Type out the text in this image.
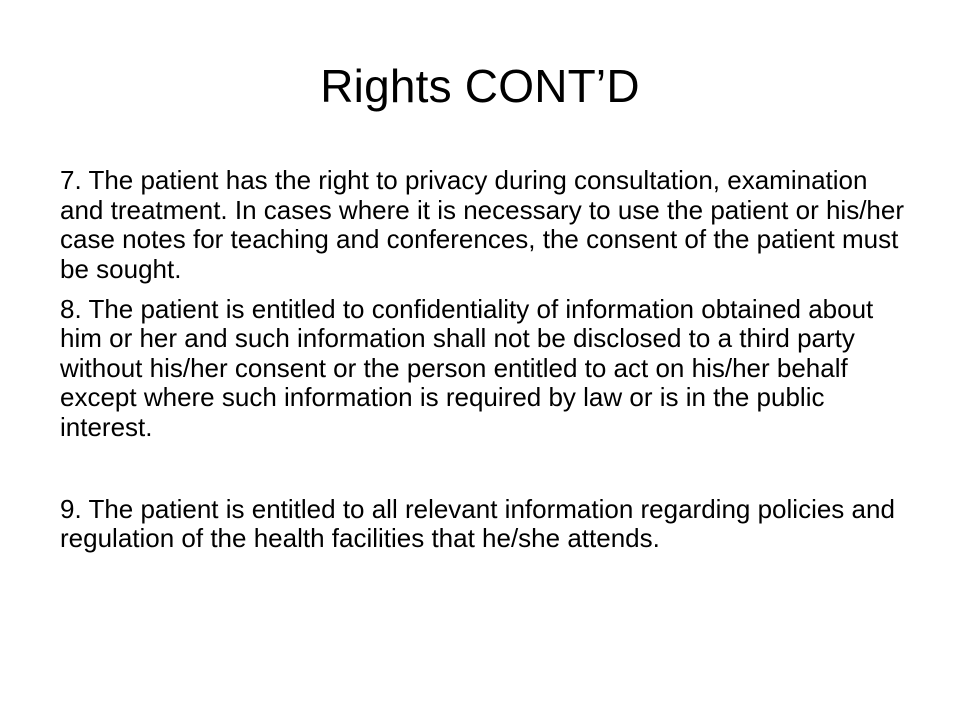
Rights CONT’D

7. The patient has the right to privacy during consultation, examination and treatment. In cases where it is necessary to use the patient or his/her case notes for teaching and conferences, the consent of the patient must be sought.

8. The patient is entitled to confidentiality of information obtained about him or her and such information shall not be disclosed to a third party without his/her consent or the person entitled to act on his/her behalf except where such information is required by law or is in the public interest.

9. The patient is entitled to all relevant information regarding policies and regulation of the health facilities that he/she attends.
